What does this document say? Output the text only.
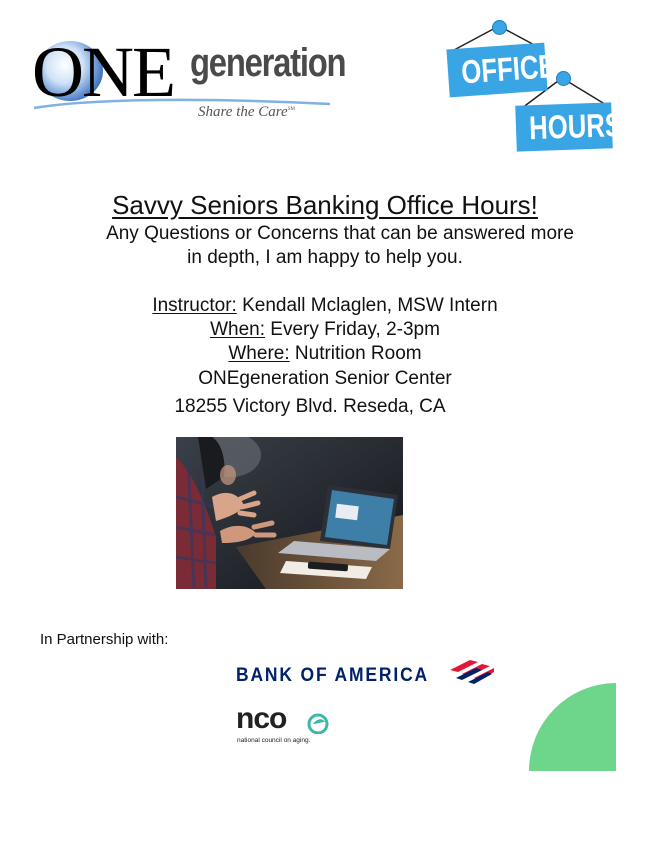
ONE generation
Share the Care℠
OFFICE
HOURS
Savvy Seniors Banking Office Hours!
Any Questions or Concerns that can be answered more
in depth, I am happy to help you.
Instructor: Kendall Mclaglen, MSW Intern
When: Every Friday, 2-3pm
Where: Nutrition Room
ONEgeneration Senior Center
18255 Victory Blvd. Reseda, CA
In Partnership with:
BANK OF AMERICA
nco
national council on aging.
